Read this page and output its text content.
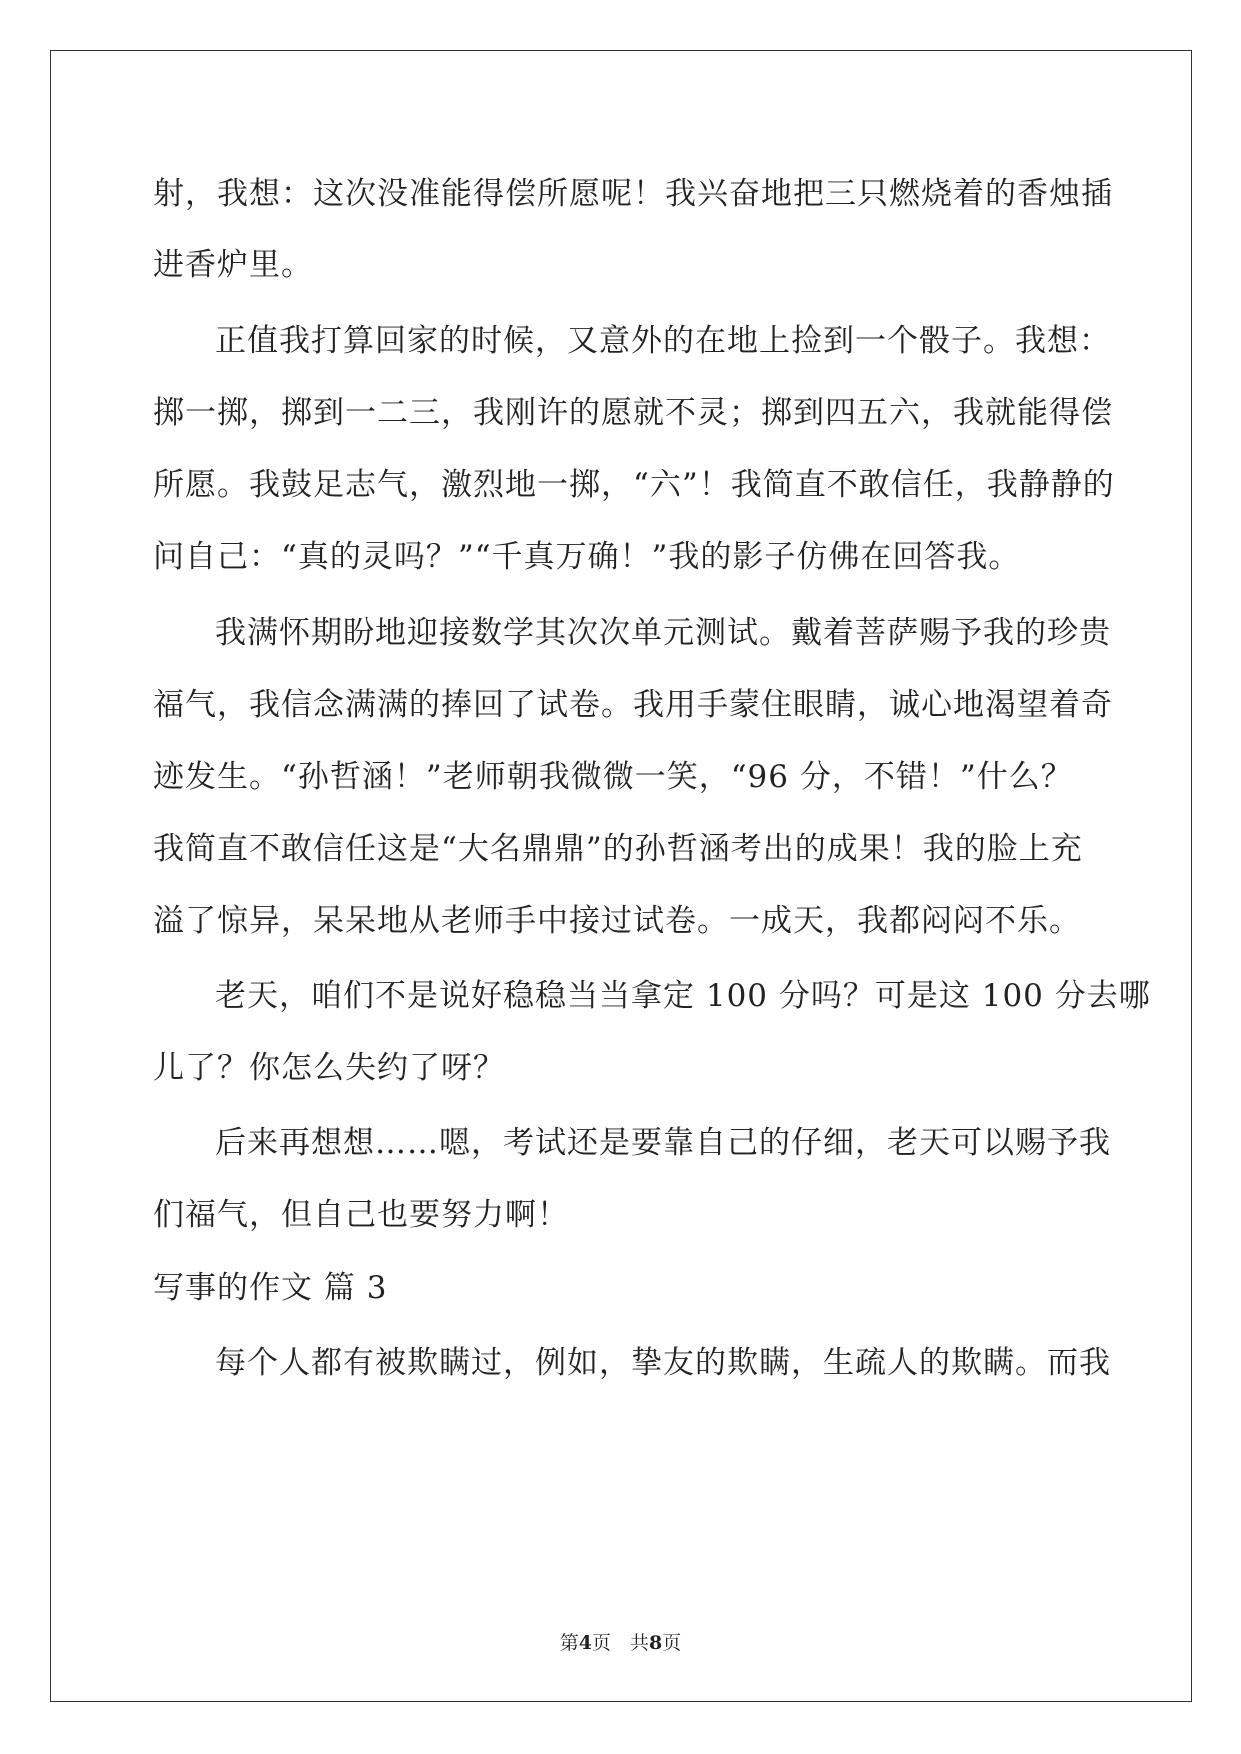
射，我想：这次没准能得偿所愿呢！我兴奋地把三只燃烧着的香烛插
进香炉里。
正值我打算回家的时候，又意外的在地上捡到一个骰子。我想：
掷一掷，掷到一二三，我刚许的愿就不灵；掷到四五六，我就能得偿
所愿。我鼓足志气，激烈地一掷，“六”！我简直不敢信任，我静静的
问自己：“真的灵吗？”“千真万确！”我的影子仿佛在回答我。
我满怀期盼地迎接数学其次次单元测试。戴着菩萨赐予我的珍贵
福气，我信念满满的捧回了试卷。我用手蒙住眼睛，诚心地渴望着奇
迹发生。“孙哲涵！”老师朝我微微一笑，“96 分，不错！”什么？
我简直不敢信任这是“大名鼎鼎”的孙哲涵考出的成果！我的脸上充
溢了惊异，呆呆地从老师手中接过试卷。一成天，我都闷闷不乐。
老天，咱们不是说好稳稳当当拿定 100 分吗？可是这 100 分去哪
儿了？你怎么失约了呀？
后来再想想……嗯，考试还是要靠自己的仔细，老天可以赐予我
们福气，但自己也要努力啊！
写事的作文 篇 3
每个人都有被欺瞒过，例如，挚友的欺瞒，生疏人的欺瞒。而我
第4页　共8页
